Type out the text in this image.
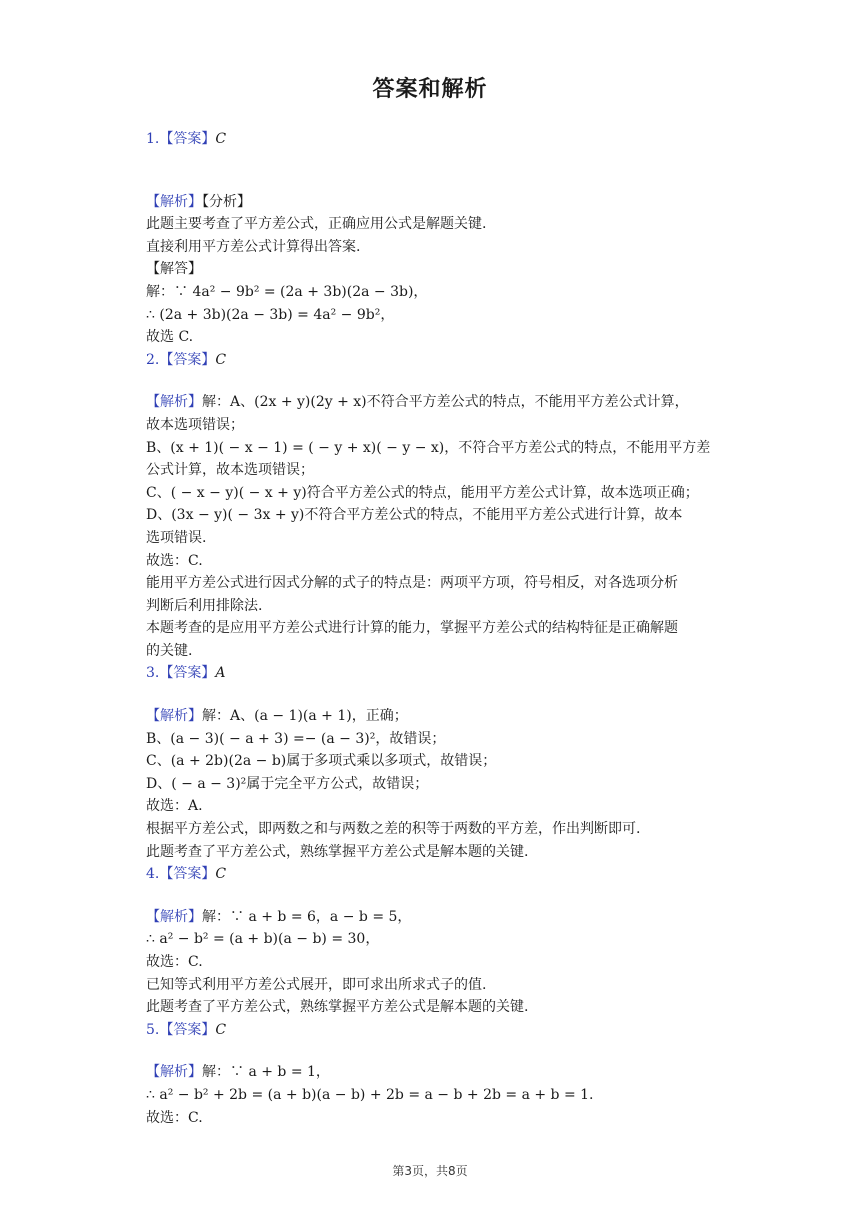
答案和解析
1.【答案】C
【解析】【分析】
此题主要考查了平方差公式，正确应用公式是解题关键.
直接利用平方差公式计算得出答案.
【解答】
解：∵ 4a² − 9b² = (2a + 3b)(2a − 3b)，
∴ (2a + 3b)(2a − 3b) = 4a² − 9b²，
故选 C.
2.【答案】C
【解析】解：A、(2x + y)(2y + x)不符合平方差公式的特点，不能用平方差公式计算，
故本选项错误；
B、(x + 1)( − x − 1) = ( − y + x)( − y − x)，不符合平方差公式的特点，不能用平方差
公式计算，故本选项错误；
C、( − x − y)( − x + y)符合平方差公式的特点，能用平方差公式计算，故本选项正确；
D、(3x − y)( − 3x + y)不符合平方差公式的特点，不能用平方差公式进行计算，故本
选项错误.
故选：C.
能用平方差公式进行因式分解的式子的特点是：两项平方项，符号相反，对各选项分析
判断后利用排除法.
本题考查的是应用平方差公式进行计算的能力，掌握平方差公式的结构特征是正确解题
的关键.
3.【答案】A
【解析】解：A、(a − 1)(a + 1)，正确；
B、(a − 3)( − a + 3) =− (a − 3)²，故错误；
C、(a + 2b)(2a − b)属于多项式乘以多项式，故错误；
D、( − a − 3)²属于完全平方公式，故错误；
故选：A.
根据平方差公式，即两数之和与两数之差的积等于两数的平方差，作出判断即可.
此题考查了平方差公式，熟练掌握平方差公式是解本题的关键.
4.【答案】C
【解析】解：∵ a + b = 6，a − b = 5，
∴ a² − b² = (a + b)(a − b) = 30，
故选：C.
已知等式利用平方差公式展开，即可求出所求式子的值.
此题考查了平方差公式，熟练掌握平方差公式是解本题的关键.
5.【答案】C
【解析】解：∵ a + b = 1，
∴ a² − b² + 2b = (a + b)(a − b) + 2b = a − b + 2b = a + b = 1.
故选：C.
第3页，共8页
